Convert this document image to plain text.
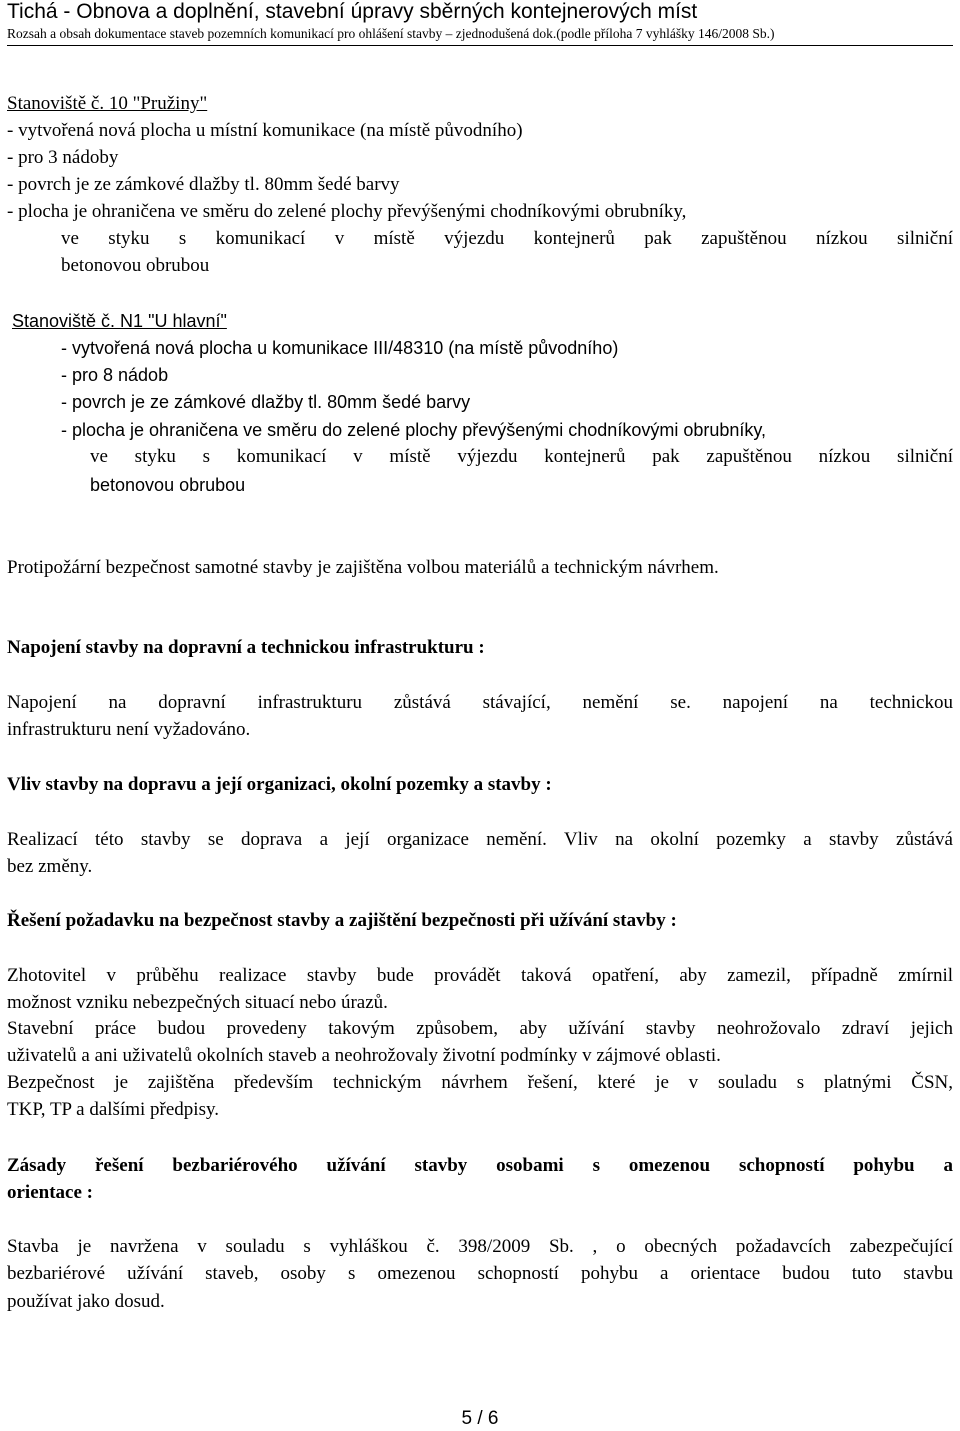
Tichá - Obnova a doplnění, stavební úpravy sběrných kontejnerových míst
Rozsah a obsah dokumentace staveb pozemních komunikací pro ohlášení stavby – zjednodušená dok.(podle příloha 7 vyhlášky 146/2008 Sb.)
Stanoviště č. 10 "Pružiny"
- vytvořená nová plocha u místní komunikace (na místě původního)
- pro 3 nádoby
- povrch je ze zámkové dlažby tl. 80mm šedé barvy
- plocha je ohraničena ve směru do zelené plochy převýšenými chodníkovými obrubníky,
ve styku s komunikací v místě výjezdu kontejnerů pak zapuštěnou nízkou silniční
betonovou obrubou
Stanoviště č. N1 "U hlavní"
- vytvořená nová plocha u komunikace III/48310 (na místě původního)
- pro 8 nádob
- povrch je ze zámkové dlažby tl. 80mm šedé barvy
- plocha je ohraničena ve směru do zelené plochy převýšenými chodníkovými obrubníky,
ve styku s komunikací v místě výjezdu kontejnerů pak zapuštěnou nízkou silniční
betonovou obrubou
Protipožární bezpečnost samotné stavby je zajištěna volbou materiálů a technickým návrhem.
Napojení stavby na dopravní a technickou infrastrukturu :
Napojení na dopravní infrastrukturu zůstává stávající, nemění se. napojení na technickou
infrastrukturu není vyžadováno.
Vliv stavby na dopravu a její organizaci, okolní pozemky a stavby :
Realizací této stavby se doprava a její organizace nemění. Vliv na okolní pozemky a stavby zůstává
bez změny.
Řešení požadavku na bezpečnost stavby a zajištění bezpečnosti při užívání stavby :
Zhotovitel v průběhu realizace stavby bude provádět taková opatření, aby zamezil, případně zmírnil
možnost vzniku nebezpečných situací nebo úrazů.
Stavební práce budou provedeny takovým způsobem, aby užívání stavby neohrožovalo zdraví jejich
uživatelů a ani uživatelů okolních staveb a neohrožovaly životní podmínky v zájmové oblasti.
Bezpečnost je zajištěna především technickým návrhem řešení, které je v souladu s platnými ČSN,
TKP, TP a dalšími předpisy.
Zásady řešení bezbariérového užívání stavby osobami s omezenou schopností pohybu a
orientace :
Stavba je navržena v souladu s vyhláškou č. 398/2009 Sb. , o obecných požadavcích zabezpečující
bezbariérové užívání staveb, osoby s omezenou schopností pohybu a orientace budou tuto stavbu
používat jako dosud.
5 / 6
